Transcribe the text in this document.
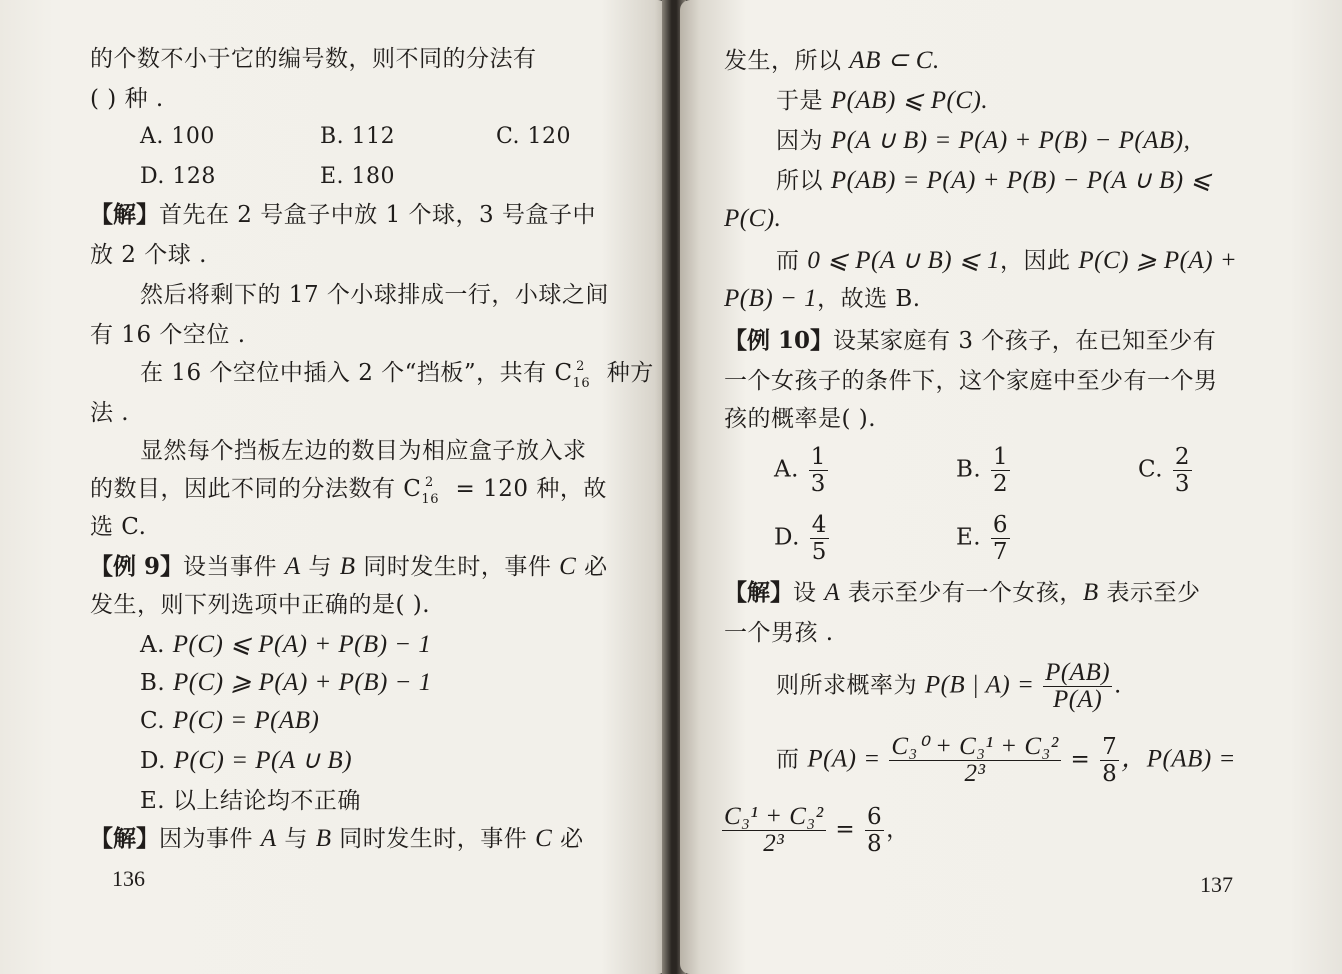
的个数不小于它的编号数，则不同的分法有
( ) 种 .
A. 100	B. 112	C. 120
D. 128	E. 180
【解】首先在 2 号盒子中放 1 个球，3 号盒子中
放 2 个球 .
然后将剩下的 17 个小球排成一行，小球之间
有 16 个空位 .
在 16 个空位中插入 2 个“挡板”，共有 $C_{16}^2$ 种方
法 .
显然每个挡板左边的数目为相应盒子放入求
的数目，因此不同的分法数有 $C_{16}^2 = 120$ 种，故
选 C.
【例 9】设当事件 A 与 B 同时发生时，事件 C 必
发生，则下列选项中正确的是( ).
A. P(C) ⩽ P(A) + P(B) − 1
B. P(C) ⩾ P(A) + P(B) − 1
C. P(C) = P(AB)
D. P(C) = P(A ∪ B)
E. 以上结论均不正确
【解】因为事件 A 与 B 同时发生时，事件 C 必
136
发生，所以 AB ⊂ C.
于是 P(AB) ⩽ P(C).
因为 P(A ∪ B) = P(A) + P(B) − P(AB),
所以 P(AB) = P(A) + P(B) − P(A ∪ B) ⩽
P(C).
而 0 ⩽ P(A ∪ B) ⩽ 1，因此 P(C) ⩾ P(A) +
P(B) − 1，故选 B.
【例 10】设某家庭有 3 个孩子，在已知至少有
一个女孩子的条件下，这个家庭中至少有一个男
孩的概率是( ).
A. $\frac{1}{3}$	B. $\frac{1}{2}$	C. $\frac{2}{3}$
D. $\frac{4}{5}$	E. $\frac{6}{7}$
【解】设 A 表示至少有一个女孩，B 表示至少
一个男孩 .
则所求概率为 P(B | $A) = \frac{P(AB)}{P(A)}$ .
而 $P(A) = \frac{\text{C₃⁰ + C₃¹ + C₃²}}{\text{2³}} = \frac{7}{8}$ ，P(AB) =
$\frac{\text{C₃¹ + C₃²}}{\text{2³}} = \frac{6}{8}$ ，
137
